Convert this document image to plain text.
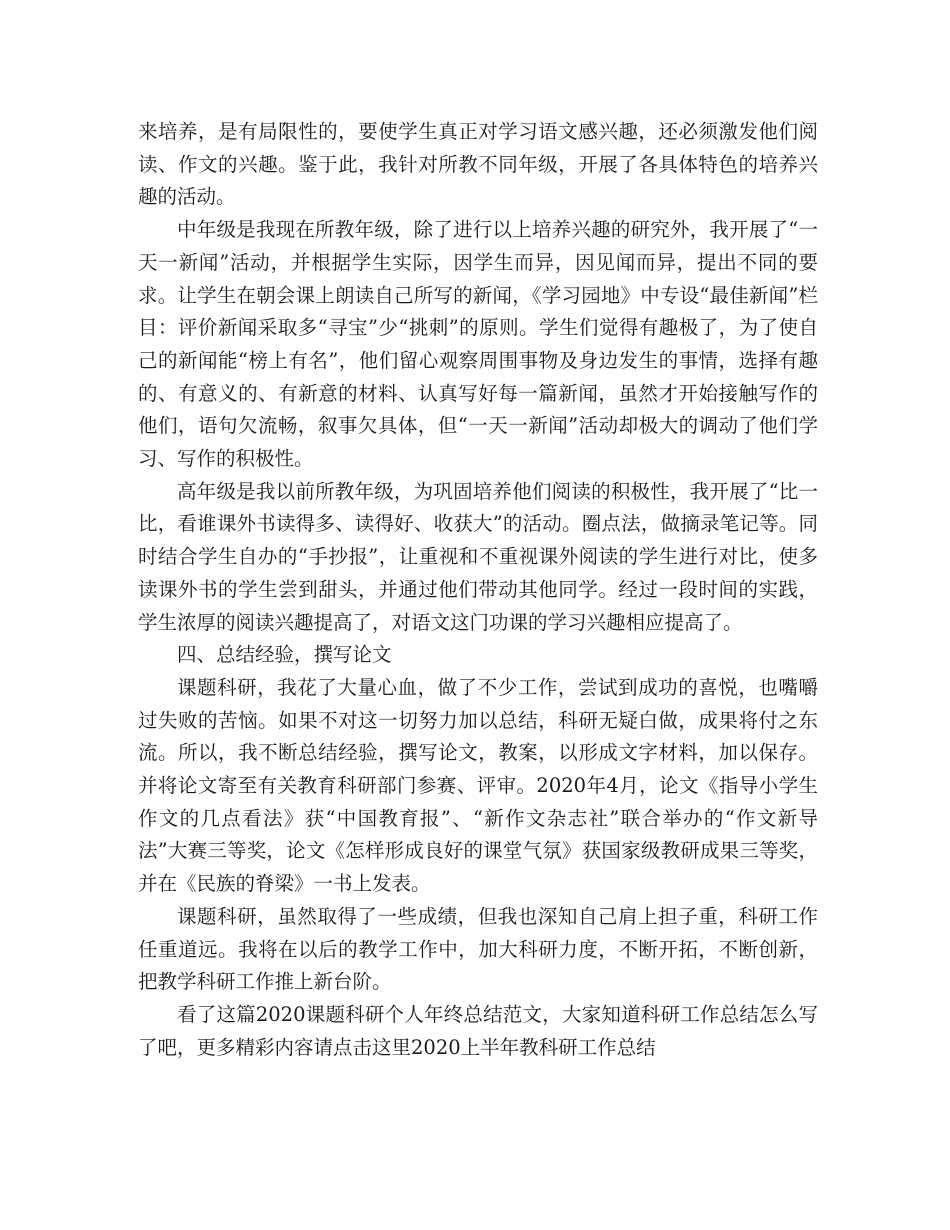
来培养，是有局限性的，要使学生真正对学习语文感兴趣，还必须激发他们阅读、作文的兴趣。鉴于此，我针对所教不同年级，开展了各具体特色的培养兴趣的活动。

中年级是我现在所教年级，除了进行以上培养兴趣的研究外，我开展了“一天一新闻”活动，并根据学生实际，因学生而异，因见闻而异，提出不同的要求。让学生在朝会课上朗读自己所写的新闻，《学习园地》中专设“最佳新闻”栏目：评价新闻采取多“寻宝”少“挑刺”的原则。学生们觉得有趣极了，为了使自己的新闻能“榜上有名”，他们留心观察周围事物及身边发生的事情，选择有趣的、有意义的、有新意的材料、认真写好每一篇新闻，虽然才开始接触写作的他们，语句欠流畅，叙事欠具体，但“一天一新闻”活动却极大的调动了他们学习、写作的积极性。

高年级是我以前所教年级，为巩固培养他们阅读的积极性，我开展了“比一比，看谁课外书读得多、读得好、收获大”的活动。圈点法，做摘录笔记等。同时结合学生自办的“手抄报”，让重视和不重视课外阅读的学生进行对比，使多读课外书的学生尝到甜头，并通过他们带动其他同学。经过一段时间的实践，学生浓厚的阅读兴趣提高了，对语文这门功课的学习兴趣相应提高了。

四、总结经验，撰写论文

课题科研，我花了大量心血，做了不少工作，尝试到成功的喜悦，也嘴嚼过失败的苦恼。如果不对这一切努力加以总结，科研无疑白做，成果将付之东流。所以，我不断总结经验，撰写论文，教案，以形成文字材料，加以保存。并将论文寄至有关教育科研部门参赛、评审。2020年4月，论文《指导小学生作文的几点看法》获“中国教育报”、“新作文杂志社”联合举办的“作文新导法”大赛三等奖，论文《怎样形成良好的课堂气氛》获国家级教研成果三等奖，并在《民族的脊梁》一书上发表。

课题科研，虽然取得了一些成绩，但我也深知自己肩上担子重，科研工作任重道远。我将在以后的教学工作中，加大科研力度，不断开拓，不断创新，把教学科研工作推上新台阶。

看了这篇2020课题科研个人年终总结范文，大家知道科研工作总结怎么写了吧，更多精彩内容请点击这里2020上半年教科研工作总结
